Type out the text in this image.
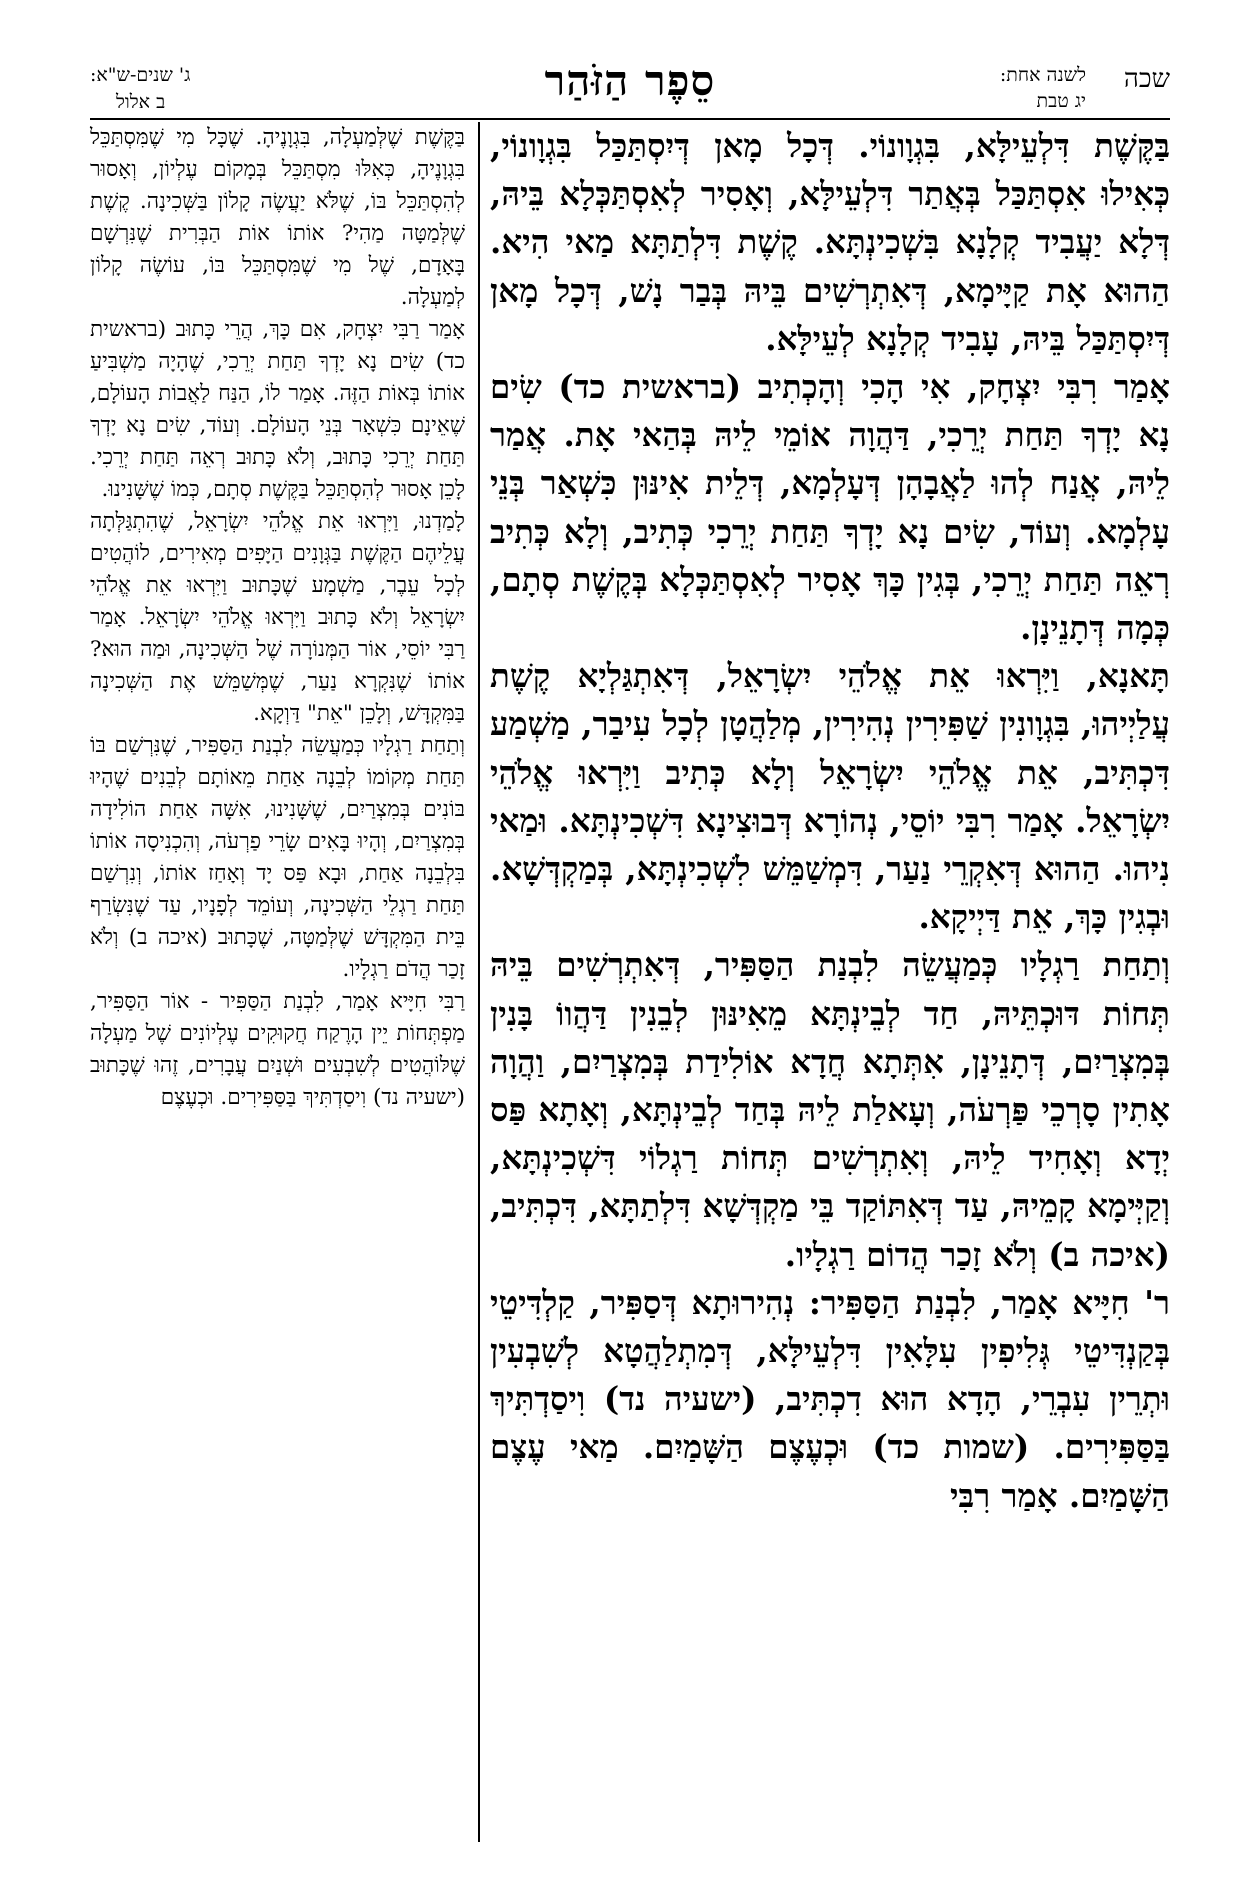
שכה
לשנה אחת:
יג טבת
סֵפֶר הַזֹּהַר
ג' שנים-ש"א:
ב אלול

בַּקֶּשֶׁת דִּלְעֵילָּא, בִּגְוָונוֹי. דְּכָל מָאן דְּיִסְתַּכַּל בִּגְוָונוֹי, כְּאִילוּ אִסְתַּכַּל בְּאֲתַר דִּלְעֵילָּא, וְאָסִיר לְאִסְתַּכְּלָא בֵּיהּ, דְּלָא יַעֲבִיד קְלָנָא בִּשְׁכִינְתָּא. קֶשֶׁת דִּלְתַתָּא מַאי הִיא. הַהוּא אָת קַיָּימָא, דְּאִתְרְשִׁים בֵּיהּ בְּבַר נָשׁ, דְּכָל מָאן דְּיִסְתַּכַּל בֵּיהּ, עָבִיד קְלָנָא לְעֵילָּא.

אָמַר רִבִּי יִצְחָק, אִי הָכִי וְהָכְתִיב (בראשית כד) שִׂים נָא יָדְךָ תַּחַת יְרֵכִי, דַּהֲוָה אוֹמֵי לֵיהּ בְּהַאי אָת. אֲמַר לֵיהּ, אֲנַח לְהוּ לַאֲבָהָן דְּעָלְמָא, דְּלֵית אִינּוּן כִּשְׁאַר בְּנֵי עָלְמָא. וְעוֹד, שִׂים נָא יָדְךָ תַּחַת יְרֵכִי כְּתִיב, וְלָא כְּתִיב רְאֵה תַּחַת יְרֵכִי, בְּגִין כָּךְ אָסִיר לְאִסְתַּכְּלָא בְּקֶשֶׁת סְתָם, כְּמָה דְּתָנֵינָן.

תָּאנָא, וַיִּרְאוּ אֵת אֱלֹהֵי יִשְׂרָאֵל, דְּאִתְגַּלְיָא קֶשֶׁת עֲלַיְיהוּ, בִּגְוָונִין שַׁפִּירִין נְהִירִין, מְלַהֲטָן לְכָל עִיבַר, מַשְׁמַע דִּכְתִּיב, אֵת אֱלֹהֵי יִשְׂרָאֵל וְלָא כְּתִיב וַיִּרְאוּ אֱלֹהֵי יִשְׂרָאֵל. אָמַר רִבִּי יוֹסֵי, נְהוֹרָא דְּבוּצִינָא דִּשְׁכִינְתָּא. וּמַאי נִיהוּ. הַהוּא דְּאִקְרֵי נַעַר, דִּמְשַׁמֵּשׁ לִשְׁכִינְתָּא, בְּמַקְדְּשָׁא. וּבְגִין כָּךְ, אֵת דַּיְיקָא.

וְתַחַת רַגְלָיו כְּמַעֲשֵׂה לִבְנַת הַסַּפִּיר, דְּאִתְרְשִׁים בֵּיהּ תְּחוֹת דּוּכְתֵּיהּ, חַד לְבֵינְתָּא מֵאִינּוּן לְבֵנִין דַּהֲווֹ בָּנִין בְּמִצְרַיִם, דְּתָנֵינָן, אִתְּתָא חֲדָא אוֹלִידַת בְּמִצְרַיִם, וַהֲוָה אָתִין סָרְכֵי פַּרְעֹה, וְעָאלַת לֵיהּ בְּחַד לְבֵינְתָּא, וְאָתָא פַּס יְדָא וְאָחִיד לֵיהּ, וְאִתְרְשִׁים תְּחוֹת רַגְלוֹי דִּשְׁכִינְתָּא, וְקַיְּימָא קָמֵיהּ, עַד דְּאִתּוֹקַד בֵּי מַקְדְּשָׁא דִּלְתַתָּא, דִּכְתִּיב, (איכה ב) וְלֹא זָכַר הֲדוֹם רַגְלָיו.

ר' חִיָּיא אָמַר, לִבְנַת הַסַּפִּיר: נְהִירוּתָא דְּסַפִּיר, קַלְדִּיטֵי בְּקַנְדִּיטֵי גְּלִיפִין עִלָּאִין דִּלְעֵילָּא, דְּמִתְלַהֲטָא לְשִׁבְעִין וּתְרֵין עִבְרֵי, הָדָא הוּא דִכְתִּיב, (ישעיה נד) וִיסַדְתִּיךְ בַּסַּפִּירִים. (שמות כד) וּכְעֶצֶם הַשָּׁמַיִם. מַאי עֶצֶם הַשָּׁמַיִם. אָמַר רִבִּי

בַּקֶּשֶׁת שֶׁלְּמַעְלָה, בִּגְוָנֶיהָ. שֶׁכָּל מִי שֶׁמִּסְתַּכֵּל בִּגְוָנֶיהָ, כְּאִלּוּ מִסְתַּכֵּל בְּמָקוֹם עֶלְיוֹן, וְאָסוּר לְהִסְתַּכֵּל בּוֹ, שֶׁלֹּא יַעֲשֶׂה קָלוֹן בַּשְּׁכִינָה. קֶשֶׁת שֶׁלְּמַטָּה מַהִי? אוֹתוֹ אוֹת הַבְּרִית שֶׁנִּרְשָׁם בָּאָדָם, שֶׁל מִי שֶׁמִּסְתַּכֵּל בּוֹ, עוֹשֶׂה קָלוֹן לְמַעְלָה.

אָמַר רַבִּי יִצְחָק, אִם כָּךְ, הֲרֵי כָּתוּב (בראשית כד) שִׂים נָא יָדְךָ תַּחַת יְרֵכִי, שֶׁהָיָה מַשְׁבִּיעַ אוֹתוֹ בְּאוֹת הַזֶּה. אָמַר לוֹ, הַנַּח לַאֲבוֹת הָעוֹלָם, שֶׁאֵינָם כִּשְׁאָר בְּנֵי הָעוֹלָם. וְעוֹד, שִׂים נָא יָדְךָ תַּחַת יְרֵכִי כָּתוּב, וְלֹא כָּתוּב רְאֵה תַּחַת יְרֵכִי. לָכֵן אָסוּר לְהִסְתַּכֵּל בַּקֶּשֶׁת סְתָם, כְּמוֹ שֶׁשָּׁנִינוּ.

לָמַדְנוּ, וַיִּרְאוּ אֵת אֱלֹהֵי יִשְׂרָאֵל, שֶׁהִתְגַּלְּתָה עֲלֵיהֶם הַקֶּשֶׁת בַּגְּוָנִים הַיָּפִים מְאִירִים, לוֹהֲטִים לְכָל עֵבֶר, מַשְׁמָע שֶׁכָּתוּב וַיִּרְאוּ אֵת אֱלֹהֵי יִשְׂרָאֵל וְלֹא כָּתוּב וַיִּרְאוּ אֱלֹהֵי יִשְׂרָאֵל. אָמַר רַבִּי יוֹסֵי, אוֹר הַמְּנוֹרָה שֶׁל הַשְּׁכִינָה, וּמַה הוּא? אוֹתוֹ שֶׁנִּקְרָא נַעַר, שֶׁמְּשַׁמֵּשׁ אֶת הַשְּׁכִינָה בַּמִּקְדָּשׁ, וְלָכֵן "אֵת" דַּוְקָא.

וְתַחַת רַגְלָיו כְּמַעֲשֵׂה לִבְנַת הַסַּפִּיר, שֶׁנִּרְשַׁם בּוֹ תַּחַת מְקוֹמוֹ לְבֵנָה אַחַת מֵאוֹתָם לְבֵנִים שֶׁהָיוּ בּוֹנִים בְּמִצְרַיִם, שֶׁשָּׁנִינוּ, אִשָּׁה אַחַת הוֹלִידָה בְּמִצְרַיִם, וְהָיוּ בָּאִים שָׂרֵי פַרְעֹה, וְהִכְנִיסָה אוֹתוֹ בִּלְבֵנָה אַחַת, וּבָא פַּס יָד וְאָחַז אוֹתוֹ, וְנִרְשַׁם תַּחַת רַגְלֵי הַשְּׁכִינָה, וְעוֹמֵד לְפָנָיו, עַד שֶׁנִּשְׂרַף בֵּית הַמִּקְדָּשׁ שֶׁלְּמַטָּה, שֶׁכָּתוּב (איכה ב) וְלֹא זָכַר הֲדֹם רַגְלָיו.

רַבִּי חִיָּיא אָמַר, לִבְנַת הַסַּפִּיר - אוֹר הַסַּפִּיר, מַפְתְּחוֹת יֵין הָרֶקַח חֲקוּקִים עֶלְיוֹנִים שֶׁל מַעְלָה שֶׁלּוֹהֲטִים לְשִׁבְעִים וּשְׁנַיִם עֲבָרִים, זֶהוּ שֶׁכָּתוּב (ישעיה נד) וִיסַדְתִּיךְ בַּסַּפִּירִים. וּכְעֶצֶם
